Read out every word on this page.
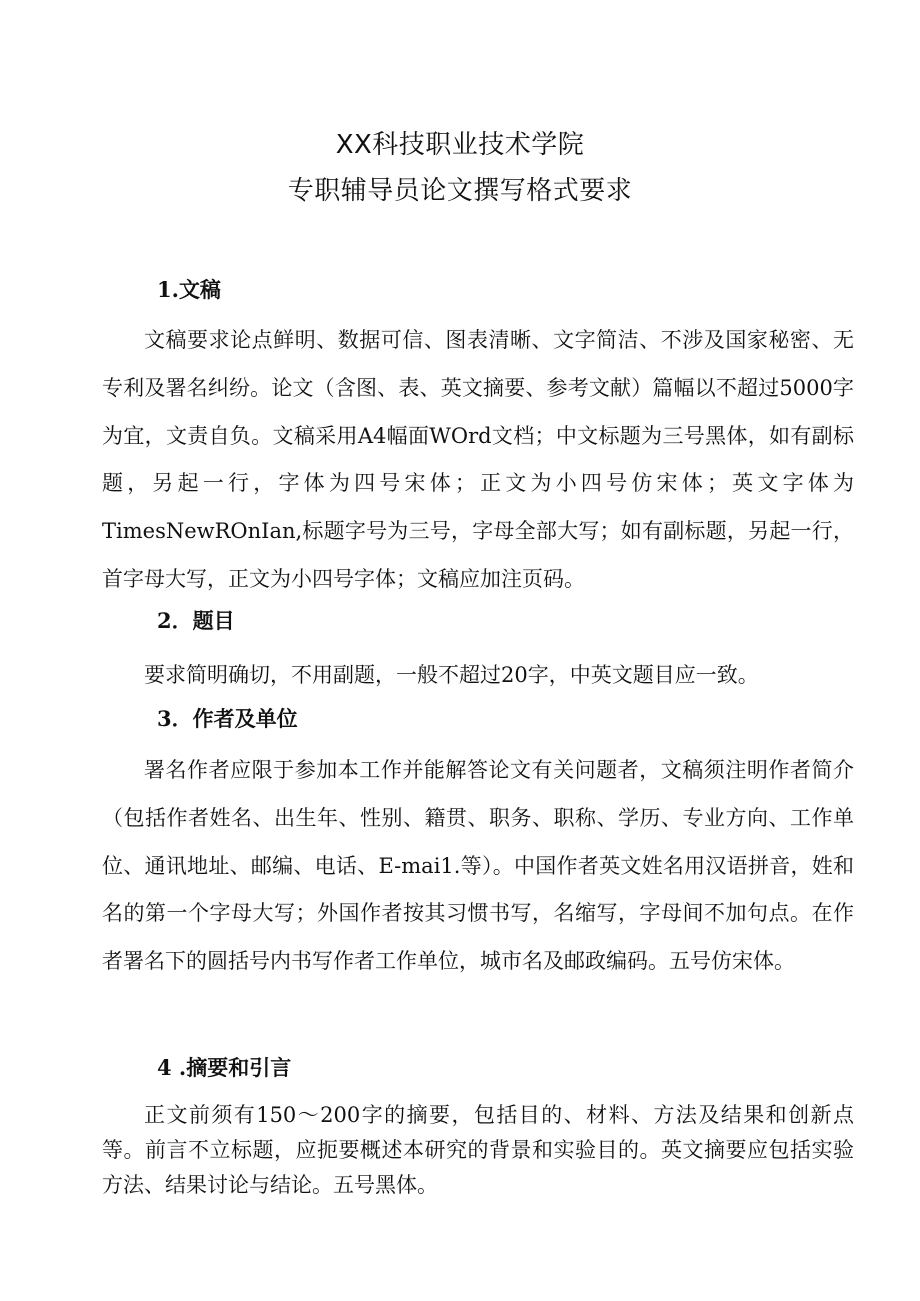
XX科技职业技术学院
专职辅导员论文撰写格式要求
1.文稿

文稿要求论点鲜明、数据可信、图表清晰、文字简洁、不涉及国家秘密、无专利及署名纠纷。论文（含图、表、英文摘要、参考文献）篇幅以不超过5000字为宜，文责自负。文稿采用A4幅面WOrd文档；中文标题为三号黑体，如有副标题，另起一行，字体为四号宋体；正文为小四号仿宋体；英文字体为TimesNewROnIan,标题字号为三号，字母全部大写；如有副标题，另起一行，首字母大写，正文为小四号字体；文稿应加注页码。

2．题目

要求简明确切，不用副题，一般不超过20字，中英文题目应一致。

3．作者及单位

署名作者应限于参加本工作并能解答论文有关问题者，文稿须注明作者简介（包括作者姓名、出生年、性别、籍贯、职务、职称、学历、专业方向、工作单位、通讯地址、邮编、电话、E-mai1.等）。中国作者英文姓名用汉语拼音，姓和名的第一个字母大写；外国作者按其习惯书写，名缩写，字母间不加句点。在作者署名下的圆括号内书写作者工作单位，城市名及邮政编码。五号仿宋体。

4 .摘要和引言

正文前须有150～200字的摘要，包括目的、材料、方法及结果和创新点等。前言不立标题，应扼要概述本研究的背景和实验目的。英文摘要应包括实验方法、结果讨论与结论。五号黑体。
